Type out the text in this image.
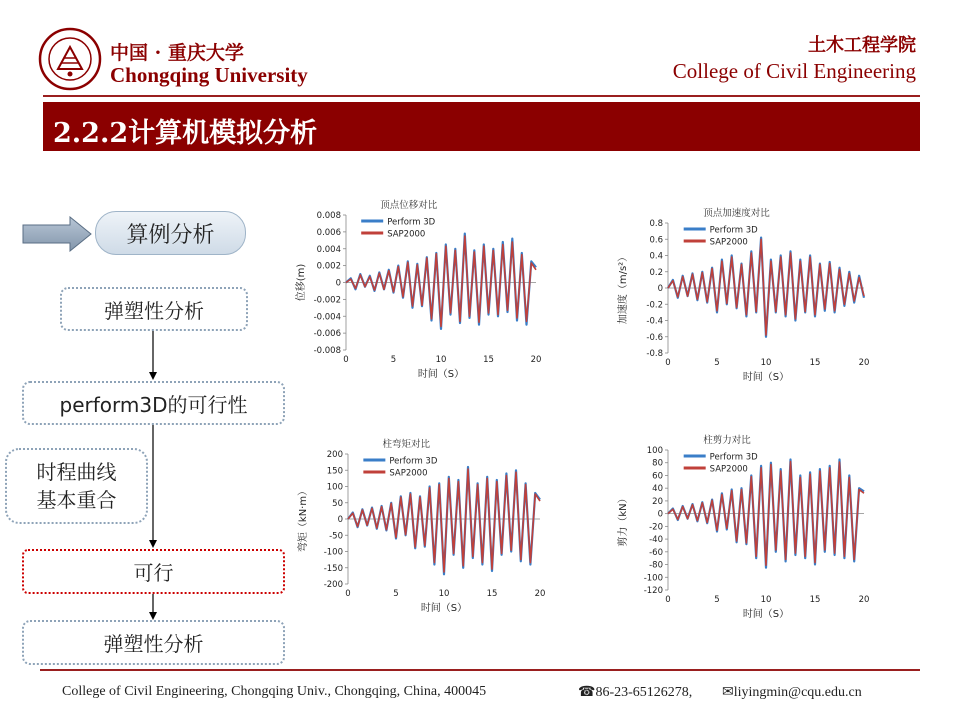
中国 · 重庆大学
Chongqing University
土木工程学院
College of Civil Engineering
2.2.2计算机模拟分析
算例分析
弹塑性分析
perform3D的可行性
时程曲线
基本重合
可行
弹塑性分析
顶点位移对比
-0.008
-0.006
-0.004
-0.002
0
0.002
0.004
0.006
0.008
0	5	10	15	20
时间（S）
位移(m)
Perform 3D
SAP2000
顶点加速度对比
-0.8
-0.6
-0.4
-0.2
0
0.2
0.4
0.6
0.8
0	5	10	15	20
时间（S）
加速度（m/s²）
Perform 3D
SAP2000
柱弯矩对比
-200
-150
-100
-50
0
50
100
150
200
0	5	10	15	20
时间（S）
弯矩（kN·m）
Perform 3D
SAP2000
柱剪力对比
-120
-100
-80
-60
-40
-20
0
20
40
60
80
100
0	5	10	15	20
时间（S）
剪力（kN）
Perform 3D
SAP2000
College of Civil Engineering, Chongqing Univ., Chongqing, China, 400045	☎86-23-65126278, ✉liyingmin@cqu.edu.cn
